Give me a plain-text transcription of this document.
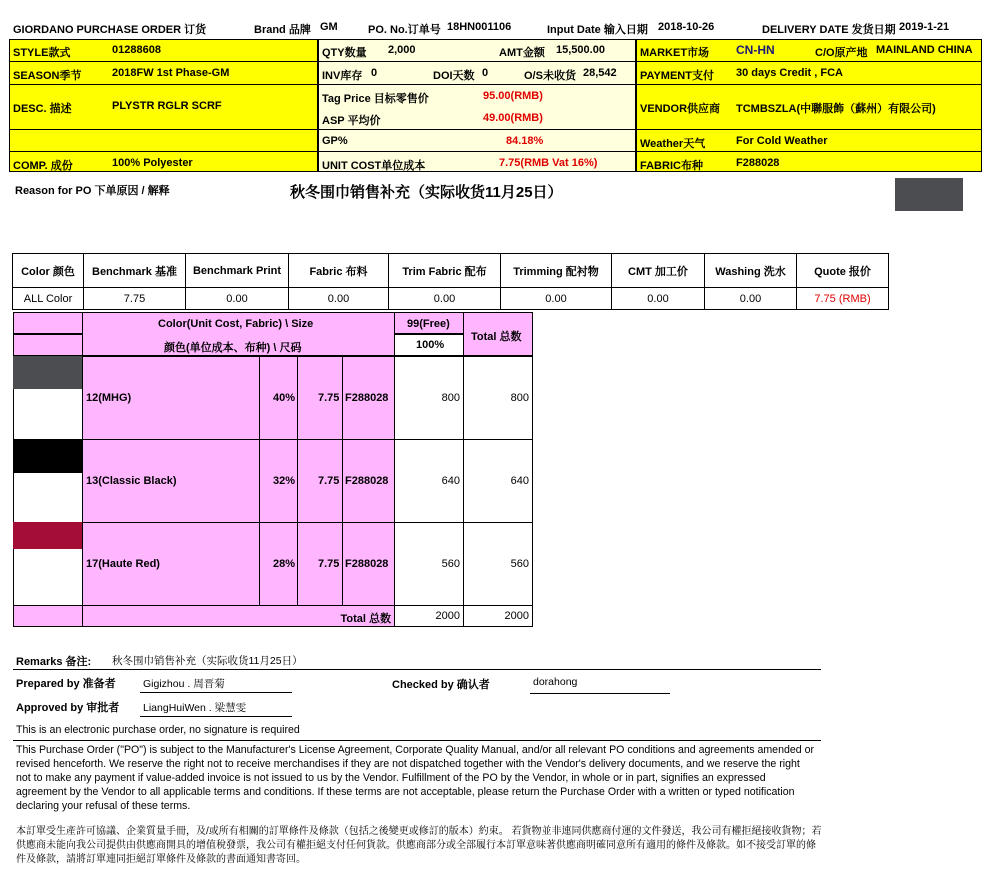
GIORDANO PURCHASE ORDER 订货	Brand 品牌 GM	PO. No.订单号 18HN001106	Input Date 输入日期 2018-10-26	DELIVERY DATE 发货日期 2019-1-21
STYLE款式	01288608
SEASON季节	2018FW 1st Phase-GM
DESC. 描述	PLYSTR RGLR SCRF
COMP. 成份	100% Polyester
QTY数量 2,000	AMT金额 15,500.00
INV库存 0	DOI天数 0	O/S未收货 28,542
Tag Price 目标零售价	95.00(RMB)
ASP 平均价	49.00(RMB)
GP%	84.18%
UNIT COST单位成本	7.75(RMB Vat 16%)
MARKET市场 CN-HN	C/O原产地 MAINLAND CHINA
PAYMENT支付 30 days Credit , FCA
VENDOR供应商 TCMBSZLA(中聯服飾（蘇州）有限公司)
Weather天气	For Cold Weather
FABRIC布种	F288028
Reason for PO 下单原因 / 解释	秋冬围巾销售补充（实际收货11月25日）
Color 颜色	Benchmark 基准	Benchmark Print	Fabric 布料	Trim Fabric 配布	Trimming 配衬物	CMT 加工价	Washing 洗水	Quote 报价
ALL Color	7.75	0.00	0.00	0.00	0.00	0.00	0.00	7.75 (RMB)
Color(Unit Cost, Fabric) \ Size
颜色(单位成本、布种) \ 尺码
99(Free)
100%
Total 总数
12(MHG)	40% 7.75 F288028	800	800
13(Classic Black)	32% 7.75 F288028	640	640
17(Haute Red)	28% 7.75 F288028	560	560
Total 总数	2000	2000
Remarks 备注: 秋冬围巾销售补充（实际收货11月25日）
Prepared by 准备者	Gigizhou . 周晋菊	Checked by 确认者	dorahong
Approved by 审批者 LiangHuiWen . 梁慧雯
This is an electronic purchase order, no signature is required
This Purchase Order ("PO") is subject to the Manufacturer's License Agreement, Corporate Quality Manual, and/or all relevant PO conditions and agreements amended or revised henceforth. We reserve the right not to receive merchandises if they are not dispatched together with the Vendor's delivery documents, and we reserve the right not to make any payment if value-added invoice is not issued to us by the Vendor. Fulfillment of the PO by the Vendor, in whole or in part, signifies an expressed agreement by the Vendor to all applicable terms and conditions. If these terms are not acceptable, please return the Purchase Order with a written or typed notification declaring your refusal of these terms.
本訂單受生產許可協議、企業質量手冊，及/或所有相關的訂單條件及條款（包括之後變更或修訂的版本）約束。 若貨物並非連同供應商付運的文件發送，我公司有權拒絕接收貨物；若供應商未能向我公司提供由供應商開具的增值稅發票，我公司有權拒絕支付任何貨款。供應商部分或全部履行本訂單意味著供應商明確同意所有適用的條件及條款。如不接受訂單的條件及條款，請將訂單連同拒絕訂單條件及條款的書面通知書寄回。
